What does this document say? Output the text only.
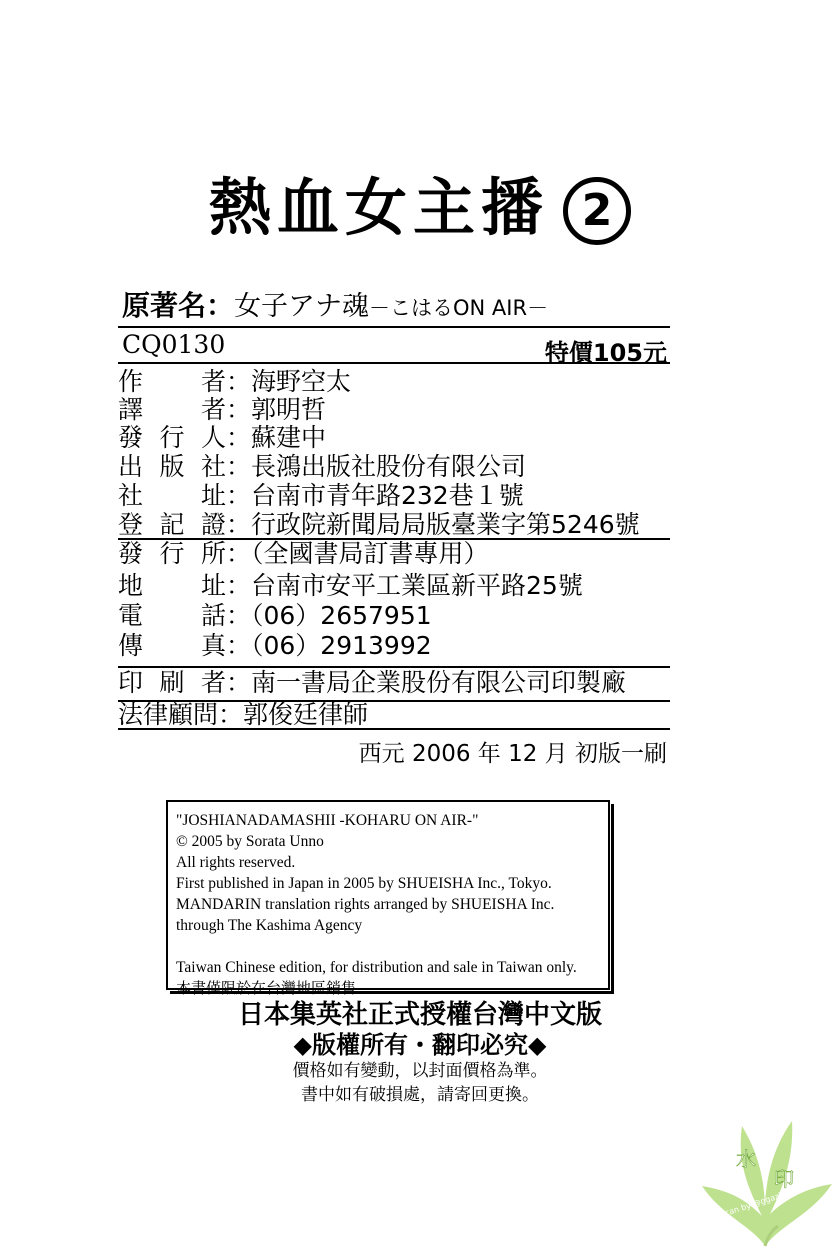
熱血女主播 2
原著名：女子アナ魂－こはるON AIR－
CQ0130	特價105元
作　者：海野空太
譯　者：郭明哲
發行人：蘇建中
出版社：長鴻出版社股份有限公司
社　址：台南市青年路232巷１號
登記證：行政院新聞局局版臺業字第5246號
發行所：（全國書局訂書專用）
地　址：台南市安平工業區新平路25號
電　話：（06）2657951
傳　真：（06）2913992
印刷者：南一書局企業股份有限公司印製廠
法律顧問：郭俊廷律師
西元 2006 年 12 月 初版一刷
"JOSHIANADAMASHII -KOHARU ON AIR-"
© 2005 by Sorata Unno
All rights reserved.
First published in Japan in 2005 by SHUEISHA Inc., Tokyo.
MANDARIN translation rights arranged by SHUEISHA Inc.
through The Kashima Agency
Taiwan Chinese edition, for distribution and sale in Taiwan only.
本書僅限於在台灣地區銷售
日本集英社正式授權台灣中文版
◆版權所有・翻印必究◆
價格如有變動，以封面價格為準。
書中如有破損處，請寄回更換。
水
印
Scan by @ggazZar11
